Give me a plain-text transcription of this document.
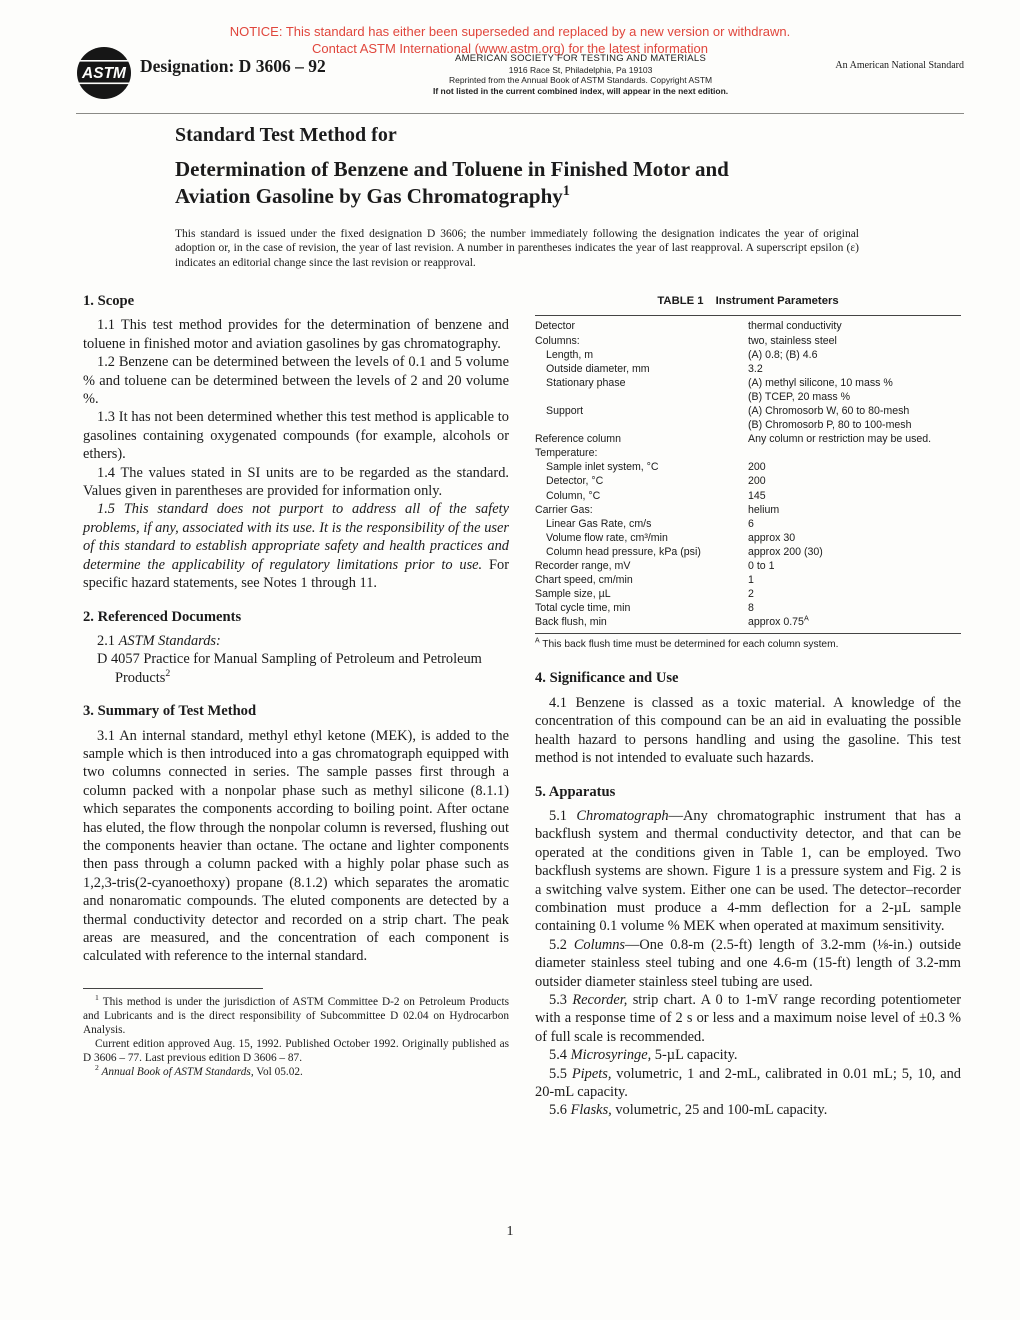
NOTICE: This standard has either been superseded and replaced by a new version or withdrawn.
Contact ASTM International (www.astm.org) for the latest information
ASTM Designation: D 3606 – 92	AMERICAN SOCIETY FOR TESTING AND MATERIALS
1916 Race St, Philadelphia, Pa 19103
Reprinted from the Annual Book of ASTM Standards. Copyright ASTM
If not listed in the current combined index, will appear in the next edition.
An American National Standard
Standard Test Method for
Determination of Benzene and Toluene in Finished Motor and
Aviation Gasoline by Gas Chromatography$^1$
This standard is issued under the fixed designation D 3606; the number immediately following the designation indicates the year of original adoption or, in the case of revision, the year of last revision. A number in parentheses indicates the year of last reapproval. A superscript epsilon (ε) indicates an editorial change since the last revision or reapproval.
1. Scope

1.1 This test method provides for the determination of benzene and toluene in finished motor and aviation gasolines by gas chromatography.

1.2 Benzene can be determined between the levels of 0.1 and 5 volume % and toluene can be determined between the levels of 2 and 20 volume %.

1.3 It has not been determined whether this test method is applicable to gasolines containing oxygenated compounds (for example, alcohols or ethers).

1.4 The values stated in SI units are to be regarded as the standard. Values given in parentheses are provided for information only.

1.5 This standard does not purport to address all of the safety problems, if any, associated with its use. It is the responsibility of the user of this standard to establish appropriate safety and health practices and determine the applicability of regulatory limitations prior to use. For specific hazard statements, see Notes 1 through 11.

2. Referenced Documents

2.1 ASTM Standards:

D 4057 Practice for Manual Sampling of Petroleum and Petroleum Products$^2$

3. Summary of Test Method

3.1 An internal standard, methyl ethyl ketone (MEK), is added to the sample which is then introduced into a gas chromatograph equipped with two columns connected in series. The sample passes first through a column packed with a nonpolar phase such as methyl silicone (8.1.1) which separates the components according to boiling point. After octane has eluted, the flow through the nonpolar column is reversed, flushing out the components heavier than octane. The octane and lighter components then pass through a column packed with a highly polar phase such as 1,2,3-tris(2-cyanoethoxy) propane (8.1.2) which separates the aromatic and nonaromatic compounds. The eluted components are detected by a thermal conductivity detector and recorded on a strip chart. The peak areas are measured, and the concentration of each component is calculated with reference to the internal standard.

$^1$ This method is under the jurisdiction of ASTM Committee D-2 on Petroleum Products and Lubricants and is the direct responsibility of Subcommittee D 02.04 on Hydrocarbon Analysis.

Current edition approved Aug. 15, 1992. Published October 1992. Originally published as D 3606 – 77. Last previous edition D 3606 – 87.

$^2$ Annual Book of ASTM Standards, Vol 05.02.

TABLE 1 Instrument Parameters
Detector	thermal conductivity
Columns:	two, stainless steel
Length, m	(A) 0.8; (B) 4.6
Outside diameter, mm	3.2
Stationary phase	(A) methyl silicone, 10 mass %
(B) TCEP, 20 mass %
Support	(A) Chromosorb W, 60 to 80-mesh
(B) Chromosorb P, 80 to 100-mesh
Reference column	Any column or restriction may be used.
Temperature:
Sample inlet system, °C	200
Detector, °C	200
Column, °C	145
Carrier Gas:	helium
Linear Gas Rate, cm/s	6
Volume flow rate, cm³/min	approx 30
Column head pressure, kPa (psi)	approx 200 (30)
Recorder range, mV	0 to 1
Chart speed, cm/min	1
Sample size, µL	2
Total cycle time, min	8
Back flush, min	approx $0.75^A$
$^A$ This back flush time must be determined for each column system.
4. Significance and Use

4.1 Benzene is classed as a toxic material. A knowledge of the concentration of this compound can be an aid in evaluating the possible health hazard to persons handling and using the gasoline. This test method is not intended to evaluate such hazards.

5. Apparatus

5.1 Chromatograph—Any chromatographic instrument that has a backflush system and thermal conductivity detector, and that can be operated at the conditions given in Table 1, can be employed. Two backflush systems are shown. Figure 1 is a pressure system and Fig. 2 is a switching valve system. Either one can be used. The detector–recorder combination must produce a 4-mm deflection for a 2-µL sample containing 0.1 volume % MEK when operated at maximum sensitivity.

5.2 Columns—One 0.8-m (2.5-ft) length of 3.2-mm (⅛-in.) outside diameter stainless steel tubing and one 4.6-m (15-ft) length of 3.2-mm outsider diameter stainless steel tubing are used.

5.3 Recorder, strip chart. A 0 to 1-mV range recording potentiometer with a response time of 2 s or less and a maximum noise level of ±0.3 % of full scale is recommended.

5.4 Microsyringe, 5-µL capacity.

5.5 Pipets, volumetric, 1 and 2-mL, calibrated in 0.01 mL; 5, 10, and 20-mL capacity.

5.6 Flasks, volumetric, 25 and 100-mL capacity.

1
